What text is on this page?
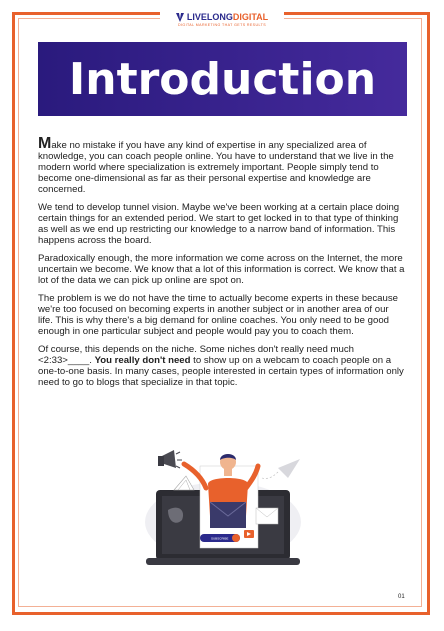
LIVELONG DIGITAL
DIGITAL MARKETING THAT GETS RESULTS
Introduction

Make no mistake if you have any kind of expertise in any specialized area of knowledge, you can coach people online. You have to understand that we live in the modern world where specialization is extremely important. People simply tend to become one-dimensional as far as their personal expertise and knowledge are concerned.

We tend to develop tunnel vision. Maybe we've been working at a certain place doing certain things for an extended period. We start to get locked in to that type of thinking as well as we end up restricting our knowledge to a narrow band of information. This happens across the board.

Paradoxically enough, the more information we come across on the Internet, the more uncertain we become. We know that a lot of this information is correct. We know that a lot of the data we can pick up online are spot on.

The problem is we do not have the time to actually become experts in these because we're too focused on becoming experts in another subject or in another area of our life. This is why there's a big demand for online coaches. You only need to be good enough in one particular subject and people would pay you to coach them.

Of course, this depends on the niche. Some niches don't really need much <2:33>____. You really don't need to show up on a webcam to coach people on a one-to-one basis. In many cases, people interested in certain types of information only need to go to blogs that specialize in that topic.

SUBSCRIBE
01
